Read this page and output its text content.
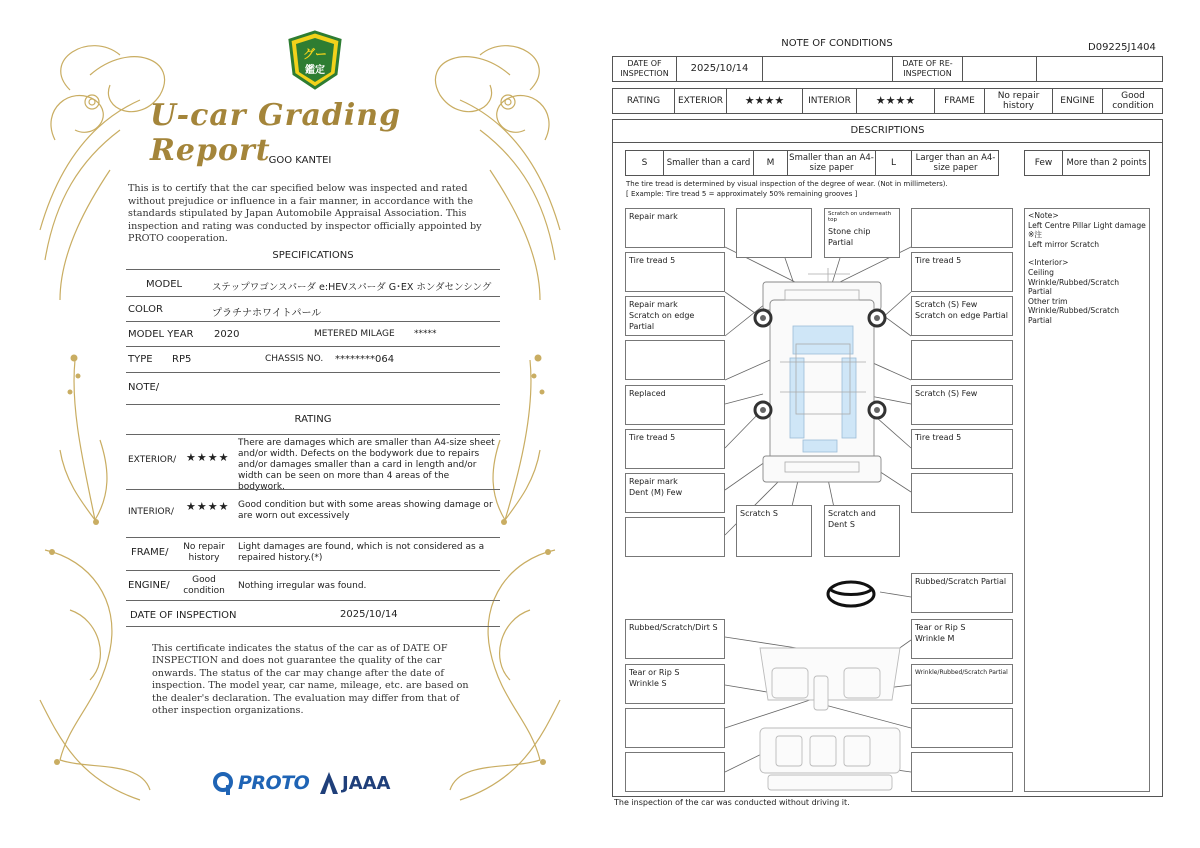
グー
鑑定
U-car Grading Report
GOO KANTEI
This is to certify that the car specified below was inspected and rated without prejudice or influence in a fair manner, in accordance with the standards stipulated by Japan Automobile Appraisal Association. This inspection and rating was conducted by inspector officially appointed by PROTO cooperation.
SPECIFICATIONS
MODEL	ステップワゴンスパーダ e:HEVスパーダ G･EX ホンダセンシング
COLOR	プラチナホワイトパール
MODEL YEAR 2020	METERED MILAGE *****
TYPE RP5	CHASSIS NO. ********064
NOTE/
RATING
EXTERIOR/ ★★★★
There are damages which are smaller than A4-size sheet and/or width. Defects on the bodywork due to repairs and/or damages smaller than a card in length and/or width can be seen on more than 4 areas of the bodywork.
INTERIOR/ ★★★★ Good condition but with some areas showing damage or are worn out excessively
FRAME/	No repair history
Light damages are found, which is not considered as a repaired history.(*)
ENGINE/	Good condition	Nothing irregular was found.
DATE OF INSPECTION	2025/10/14
This certificate indicates the status of the car as of DATE OF INSPECTION and does not guarantee the quality of the car onwards. The status of the car may change after the date of inspection. The model year, car name, mileage, etc. are based on the dealer's declaration. The evaluation may differ from that of other inspection organizations.
PROTO JAAA
NOTE OF CONDITIONS	D09225J1404
DATE OF INSPECTION	2025/10/14	DATE OF RE-INSPECTION
RATING	EXTERIOR	★★★★	INTERIOR	★★★★	FRAME	No repair history	ENGINE	Good condition
DESCRIPTIONS
S	Smaller than a card	M	Smaller than an A4-size paper	L	Larger than an A4-size paper	Few	More than 2 points
The tire tread is determined by visual inspection of the degree of wear. (Not in millimeters).
[ Example: Tire tread 5 = approximately 50% remaining grooves ]
Repair mark	Scratch on underneath top
Stone chip Partial
Tire tread 5
Repair mark
Scratch on edge Partial
Replaced
Tire tread 5
Repair mark
Dent (M) Few
Tire tread 5
Scratch (S) Few
Scratch on edge Partial
Scratch (S) Few
Tire tread 5
Scratch S	Scratch and Dent S
Rubbed/Scratch Partial
Rubbed/Scratch/Dirt S
Tear or Rip S
Wrinkle S
Tear or Rip S
Wrinkle M
Wrinkle/Rubbed/Scratch Partial
<Note>
Left Centre Pillar Light damage
※注
Left mirror Scratch
<Interior>
Ceiling
Wrinkle/Rubbed/Scratch
Partial
Other trim
Wrinkle/Rubbed/Scratch
Partial
The inspection of the car was conducted without driving it.
